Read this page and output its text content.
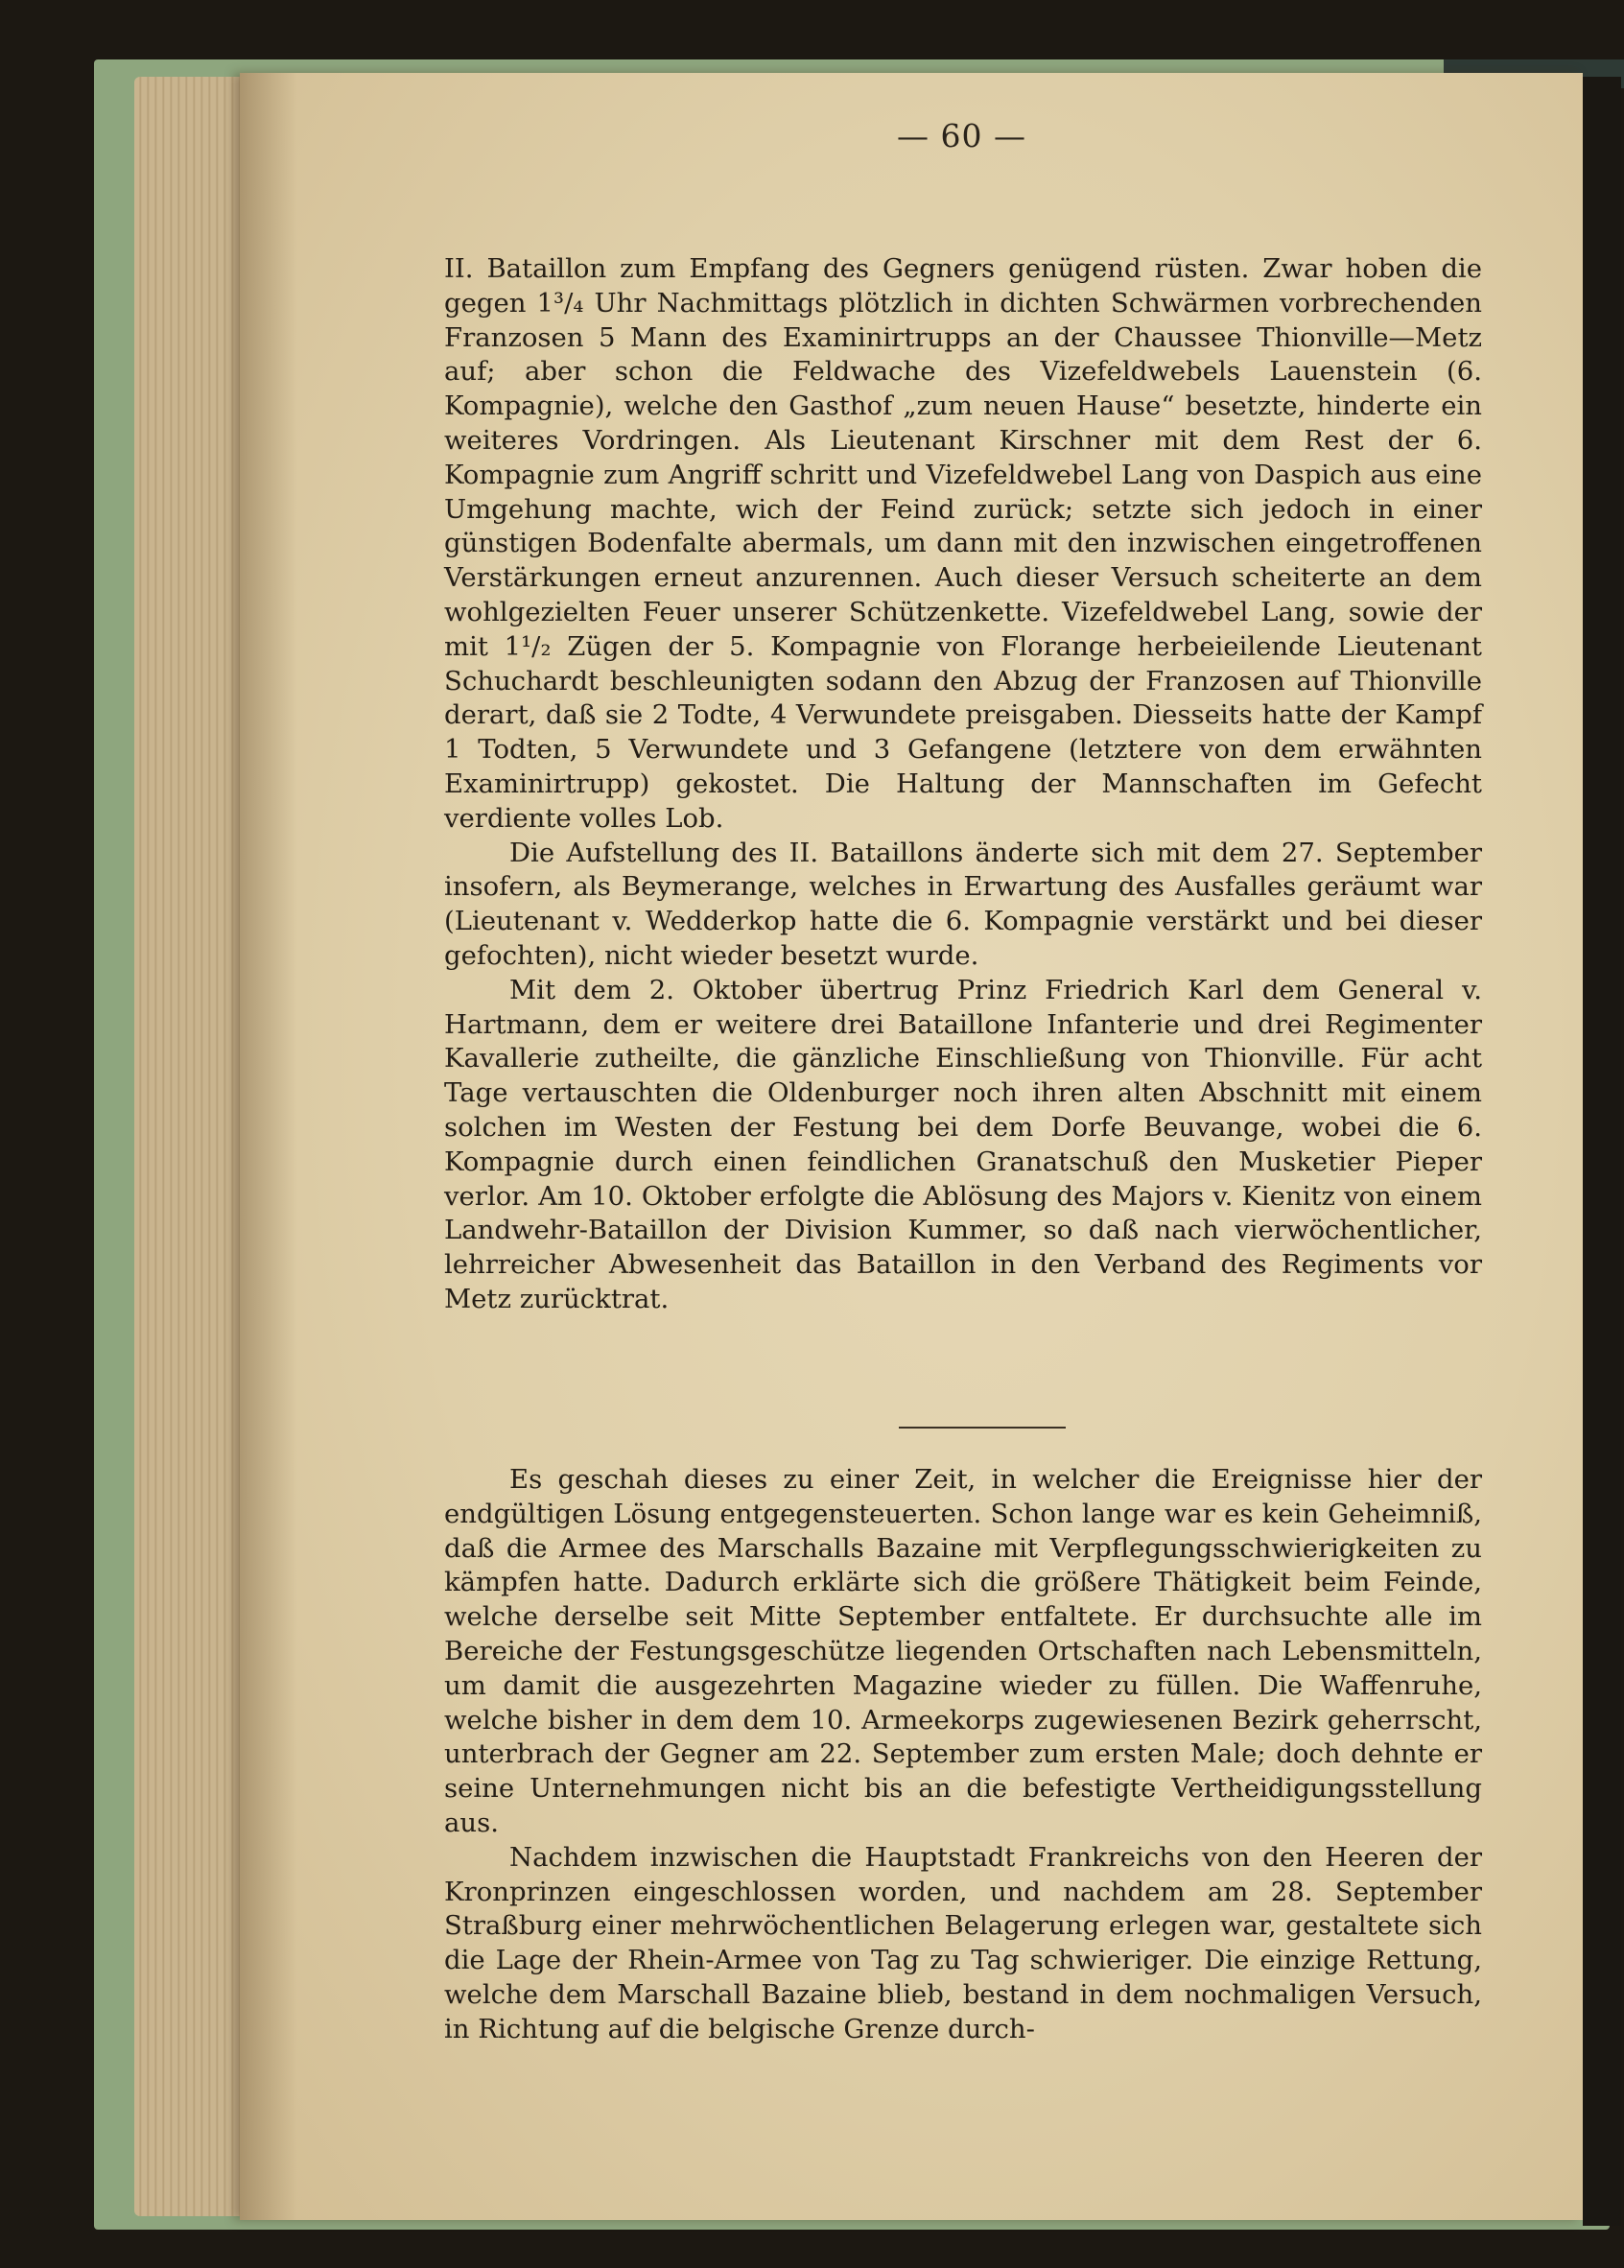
— 60 —

II. Bataillon zum Empfang des Gegners genügend rüsten. Zwar hoben die gegen 1³/₄ Uhr Nachmittags plötzlich in dichten Schwärmen vorbrechenden Franzosen 5 Mann des Examinirtrupps an der Chaussee Thionville—Metz auf; aber schon die Feldwache des Vizefeldwebels Lauenstein (6. Kompagnie), welche den Gasthof „zum neuen Hause“ besetzte, hinderte ein weiteres Vordringen. Als Lieutenant Kirschner mit dem Rest der 6. Kompagnie zum Angriff schritt und Vizefeldwebel Lang von Daspich aus eine Umgehung machte, wich der Feind zurück; setzte sich jedoch in einer günstigen Bodenfalte abermals, um dann mit den inzwischen eingetroffenen Verstärkungen erneut anzurennen. Auch dieser Versuch scheiterte an dem wohlgezielten Feuer unserer Schützenkette. Vizefeldwebel Lang, sowie der mit 1¹/₂ Zügen der 5. Kompagnie von Florange herbeieilende Lieutenant Schuchardt beschleunigten sodann den Abzug der Franzosen auf Thionville derart, daß sie 2 Todte, 4 Verwundete preisgaben. Diesseits hatte der Kampf 1 Todten, 5 Verwundete und 3 Gefangene (letztere von dem erwähnten Examinirtrupp) gekostet. Die Haltung der Mannschaften im Gefecht verdiente volles Lob.

Die Aufstellung des II. Bataillons änderte sich mit dem 27. September insofern, als Beymerange, welches in Erwartung des Ausfalles geräumt war (Lieutenant v. Wedderkop hatte die 6. Kompagnie verstärkt und bei dieser gefochten), nicht wieder besetzt wurde.

Mit dem 2. Oktober übertrug Prinz Friedrich Karl dem General v. Hartmann, dem er weitere drei Bataillone Infanterie und drei Regimenter Kavallerie zutheilte, die gänzliche Einschließung von Thionville. Für acht Tage vertauschten die Oldenburger noch ihren alten Abschnitt mit einem solchen im Westen der Festung bei dem Dorfe Beuvange, wobei die 6. Kompagnie durch einen feindlichen Granatschuß den Musketier Pieper verlor. Am 10. Oktober erfolgte die Ablösung des Majors v. Kienitz von einem Landwehr-Bataillon der Division Kummer, so daß nach vierwöchentlicher, lehrreicher Abwesenheit das Bataillon in den Verband des Regiments vor Metz zurücktrat.

Es geschah dieses zu einer Zeit, in welcher die Ereignisse hier der endgültigen Lösung entgegensteuerten. Schon lange war es kein Geheimniß, daß die Armee des Marschalls Bazaine mit Verpflegungsschwierigkeiten zu kämpfen hatte. Dadurch erklärte sich die größere Thätigkeit beim Feinde, welche derselbe seit Mitte September entfaltete. Er durchsuchte alle im Bereiche der Festungsgeschütze liegenden Ortschaften nach Lebensmitteln, um damit die ausgezehrten Magazine wieder zu füllen. Die Waffenruhe, welche bisher in dem dem 10. Armeekorps zugewiesenen Bezirk geherrscht, unterbrach der Gegner am 22. September zum ersten Male; doch dehnte er seine Unternehmungen nicht bis an die befestigte Vertheidigungsstellung aus.

Nachdem inzwischen die Hauptstadt Frankreichs von den Heeren der Kronprinzen eingeschlossen worden, und nachdem am 28. September Straßburg einer mehrwöchentlichen Belagerung erlegen war, gestaltete sich die Lage der Rhein-Armee von Tag zu Tag schwieriger. Die einzige Rettung, welche dem Marschall Bazaine blieb, bestand in dem nochmaligen Versuch, in Richtung auf die belgische Grenze durch-
